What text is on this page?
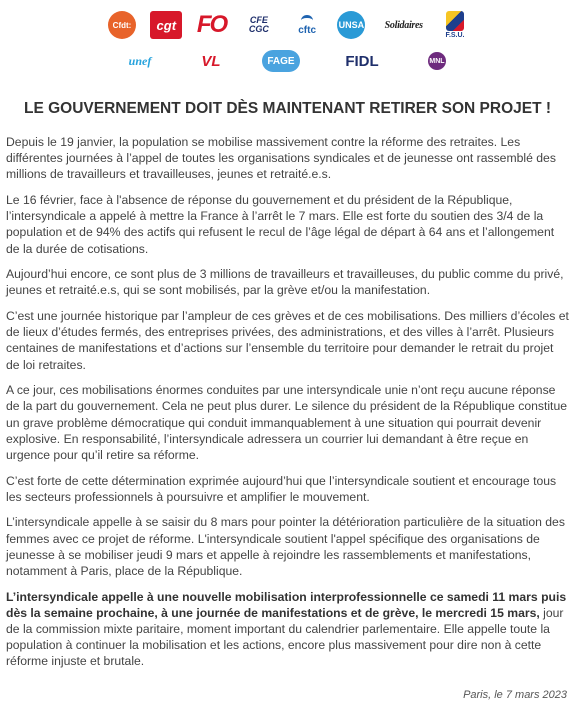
Cfdt:	cgt FO	CFE CGC	cftc	UNSA	Solidaires
F.S.U.
unef	VL	FAGE	FIDL	MNL
LE GOUVERNEMENT DOIT DÈS MAINTENANT RETIRER SON PROJET !

Depuis le 19 janvier, la population se mobilise massivement contre la réforme des retraites. Les différentes journées à l’appel de toutes les organisations syndicales et de jeunesse ont rassemblé des millions de travailleurs et travailleuses, jeunes et retraité.e.s.

Le 16 février, face à l'absence de réponse du gouvernement et du président de la République, l’intersyndicale a appelé à mettre la France à l’arrêt le 7 mars. Elle est forte du soutien des 3/4 de la population et de 94% des actifs qui refusent le recul de l’âge légal de départ à 64 ans et l’allongement de la durée de cotisations.

Aujourd’hui encore, ce sont plus de 3 millions de travailleurs et travailleuses, du public comme du privé, jeunes et retraité.e.s, qui se sont mobilisés, par la grève et/ou la manifestation.

C’est une journée historique par l’ampleur de ces grèves et de ces mobilisations. Des milliers d’écoles et de lieux d’études fermés, des entreprises privées, des administrations, et des villes à l’arrêt. Plusieurs centaines de manifestations et d’actions sur l’ensemble du territoire pour demander le retrait du projet de loi retraites.

A ce jour, ces mobilisations énormes conduites par une intersyndicale unie n’ont reçu aucune réponse de la part du gouvernement. Cela ne peut plus durer. Le silence du président de la République constitue un grave problème démocratique qui conduit immanquablement à une situation qui pourrait devenir explosive. En responsabilité, l’intersyndicale adressera un courrier lui demandant à être reçue en urgence pour qu’il retire sa réforme.

C’est forte de cette détermination exprimée aujourd’hui que l’intersyndicale soutient et encourage tous les secteurs professionnels à poursuivre et amplifier le mouvement.

L’intersyndicale appelle à se saisir du 8 mars pour pointer la détérioration particulière de la situation des femmes avec ce projet de réforme. L'intersyndicale soutient l'appel spécifique des organisations de jeunesse à se mobiliser jeudi 9 mars et appelle à rejoindre les rassemblements et manifestations, notamment à Paris, place de la République.

L’intersyndicale appelle à une nouvelle mobilisation interprofessionnelle ce samedi 11 mars puis dès la semaine prochaine, à une journée de manifestations et de grève, le mercredi 15 mars, jour de la commission mixte paritaire, moment important du calendrier parlementaire. Elle appelle toute la population à continuer la mobilisation et les actions, encore plus massivement pour dire non à cette réforme injuste et brutale.

Paris, le 7 mars 2023
